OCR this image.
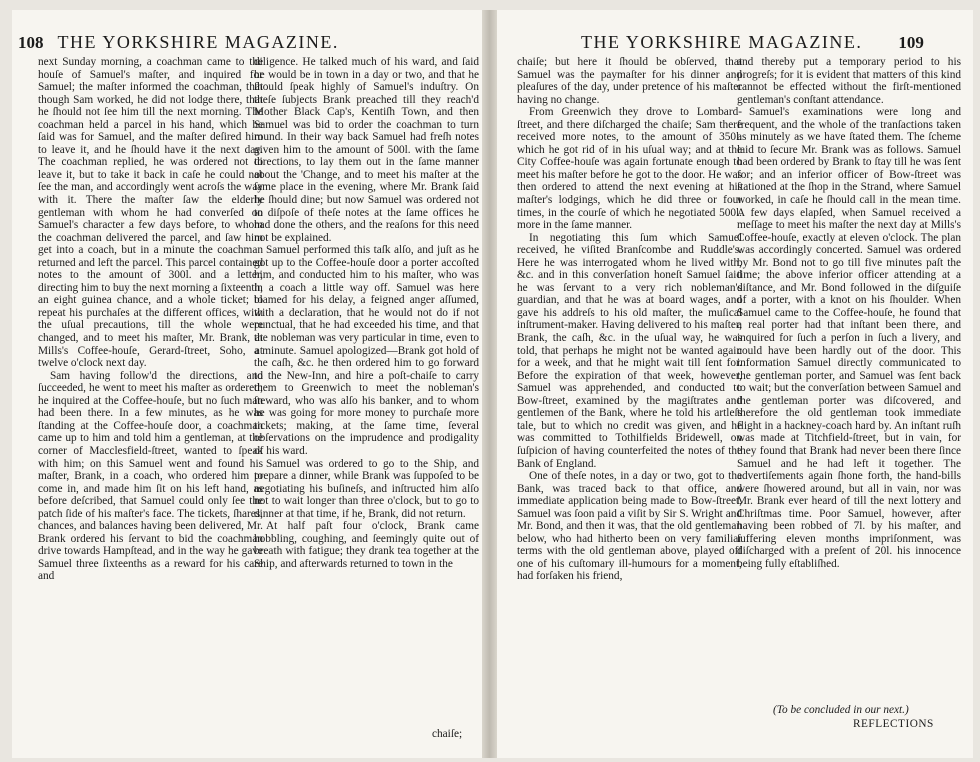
108 THE YORKSHIRE MAGAZINE.

next Sunday morning, a coachman came to the houſe of Samuel's maſter, and inquired for Samuel; the maſter informed the coachman, that though Sam worked, he did not lodge there, that he ſhould not ſee him till the next morning. The coachman held a parcel in his hand, which he ſaid was for Samuel, and the maſter deſired him to leave it, and he ſhould have it the next day. The coachman replied, he was ordered not to leave it, but to take it back in caſe he could not ſee the man, and accordingly went acroſs the way with it. There the maſter ſaw the elderly gentleman with whom he had converſed on Samuel's character a few days before, to whom the coachman delivered the parcel, and ſaw him get into a coach, but in a minute the coachman returned and left the parcel. This parcel contained notes to the amount of 300l. and a letter, directing him to buy the next morning a ſixteenth, an eight guinea chance, and a whole ticket; to repeat his purchaſes at the different offices, with the uſual precautions, till the whole were changed, and to meet his maſter, Mr. Brank, at Mills's Coffee-houſe, Gerard-ſtreet, Soho, at twelve o'clock next day.

Sam having follow'd the directions, and ſucceeded, he went to meet his maſter as ordered; he inquired at the Coffee-houſe, but no ſuch man had been there. In a few minutes, as he was ſtanding at the Coffee-houſe door, a coachman came up to him and told him a gentleman, at the corner of Macclesfield-ſtreet, wanted to ſpeak with him; on this Samuel went and found his maſter, Brank, in a coach, who ordered him to come in, and made him ſit on his left hand, as before deſcribed, that Samuel could only ſee the patch ſide of his maſter's face. The tickets, ſhares, chances, and balances having been delivered, Mr. Brank ordered his ſervant to bid the coachman drive towards Hampſtead, and in the way he gave Samuel three ſixteenths as a reward for his care and

diligence. He talked much of his ward, and ſaid he would be in town in a day or two, and that he ſhould ſpeak highly of Samuel's induſtry. On theſe ſubjects Brank preached till they reach'd Mother Black Cap's, Kentiſh Town, and then Samuel was bid to order the coachman to turn round. In their way back Samuel had freſh notes given him to the amount of 500l. with the ſame directions, to lay them out in the ſame manner about the 'Change, and to meet his maſter at the ſame place in the evening, where Mr. Brank ſaid he ſhould dine; but now Samuel was ordered not to diſpoſe of theſe notes at the ſame offices he had done the others, and the reaſons for this need not be explained.

Samuel performed this taſk alſo, and juſt as he got up to the Coffee-houſe door a porter accoſted him, and conducted him to his maſter, who was in a coach a little way off. Samuel was here blamed for his delay, a feigned anger aſſumed, with a declaration, that he would not do if not punctual, that he had exceeded his time, and that the nobleman was very particular in time, even to a minute. Samuel apologized—Brank got hold of the caſh, &c. he then ordered him to go forward to the New-Inn, and hire a poſt-chaiſe to carry them to Greenwich to meet the nobleman's ſteward, who was alſo his banker, and to whom he was going for more money to purchaſe more tickets; making, at the ſame time, ſeveral obſervations on the imprudence and prodigality of his ward.

Samuel was ordered to go to the Ship, and prepare a dinner, while Brank was ſuppoſed to be negotiating his buſineſs, and inſtructed him alſo not to wait longer than three o'clock, but to go to dinner at that time, if he, Brank, did not return.

At half paſt four o'clock, Brank came hobbling, coughing, and ſeemingly quite out of breath with fatigue; they drank tea together at the Ship, and afterwards returned to town in the

chaiſe;
THE YORKSHIRE MAGAZINE. 109

chaiſe; but here it ſhould be obſerved, that Samuel was the paymaſter for his dinner and pleaſures of the day, under pretence of his maſter having no change.

From Greenwich they drove to Lombard-ſtreet, and there diſcharged the chaiſe; Sam there received more notes, to the amount of 350l. which he got rid of in his uſual way; and at the City Coffee-houſe was again fortunate enough to meet his maſter before he got to the door. He was then ordered to attend the next evening at his maſter's lodgings, which he did three or four times, in the courſe of which he negotiated 500l. more in the ſame manner.

In negotiating this ſum which Samuel received, he viſited Branſcombe and Ruddle's. Here he was interrogated whom he lived with, &c. and in this converſation honeſt Samuel ſaid he was ſervant to a very rich nobleman's guardian, and that he was at board wages, and gave his addreſs to his old maſter, the muſical inſtrument-maker. Having delivered to his maſter, Brank, the caſh, &c. in the uſual way, he was told, that perhaps he might not be wanted again for a week, and that he might wait till ſent for. Before the expiration of that week, however, Samuel was apprehended, and conducted to Bow-ſtreet, examined by the magiſtrates and gentlemen of the Bank, where he told his artleſs tale, but to which no credit was given, and he was committed to Tothilfields Bridewell, on ſuſpicion of having counterfeited the notes of the Bank of England.

One of theſe notes, in a day or two, got to the Bank, was traced back to that office, and immediate application being made to Bow-ſtreet, Samuel was ſoon paid a viſit by Sir S. Wright and Mr. Bond, and then it was, that the old gentleman below, who had hitherto been on very familiar terms with the old gentleman above, played off one of his cuſtomary ill-humours for a moment, had forſaken his friend,

and thereby put a temporary period to his progreſs; for it is evident that matters of this kind cannot be effected without the firſt-mentioned gentleman's conſtant attendance.

Samuel's examinations were long and frequent, and the whole of the tranſactions taken as minutely as we have ſtated them. The ſcheme laid to ſecure Mr. Brank was as follows. Samuel had been ordered by Brank to ſtay till he was ſent for; and an inferior officer of Bow-ſtreet was ſtationed at the ſhop in the Strand, where Samuel worked, in caſe he ſhould call in the mean time. A few days elapſed, when Samuel received a meſſage to meet his maſter the next day at Mills's Coffee-houſe, exactly at eleven o'clock. The plan was accordingly concerted. Samuel was ordered by Mr. Bond not to go till five minutes paſt the time; the above inferior officer attending at a diſtance, and Mr. Bond followed in the diſguiſe of a porter, with a knot on his ſhoulder. When Samuel came to the Coffee-houſe, he found that a real porter had that inſtant been there, and inquired for ſuch a perſon in ſuch a livery, and could have been hardly out of the door. This information Samuel directly communicated to the gentleman porter, and Samuel was ſent back to wait; but the converſation between Samuel and the gentleman porter was diſcovered, and therefore the old gentleman took immediate flight in a hackney-coach hard by. An inſtant ruſh was made at Titchfield-ſtreet, but in vain, for they found that Brank had never been there ſince Samuel and he had left it together. The advertiſements again ſhone forth, the hand-bills were ſhowered around, but all in vain, nor was Mr. Brank ever heard of till the next lottery and Chriſtmas time. Poor Samuel, however, after having been robbed of 7l. by his maſter, and ſuffering eleven months impriſonment, was diſcharged with a preſent of 20l. his innocence being fully eſtabliſhed.

(To be concluded in our next.)
REFLECTIONS
